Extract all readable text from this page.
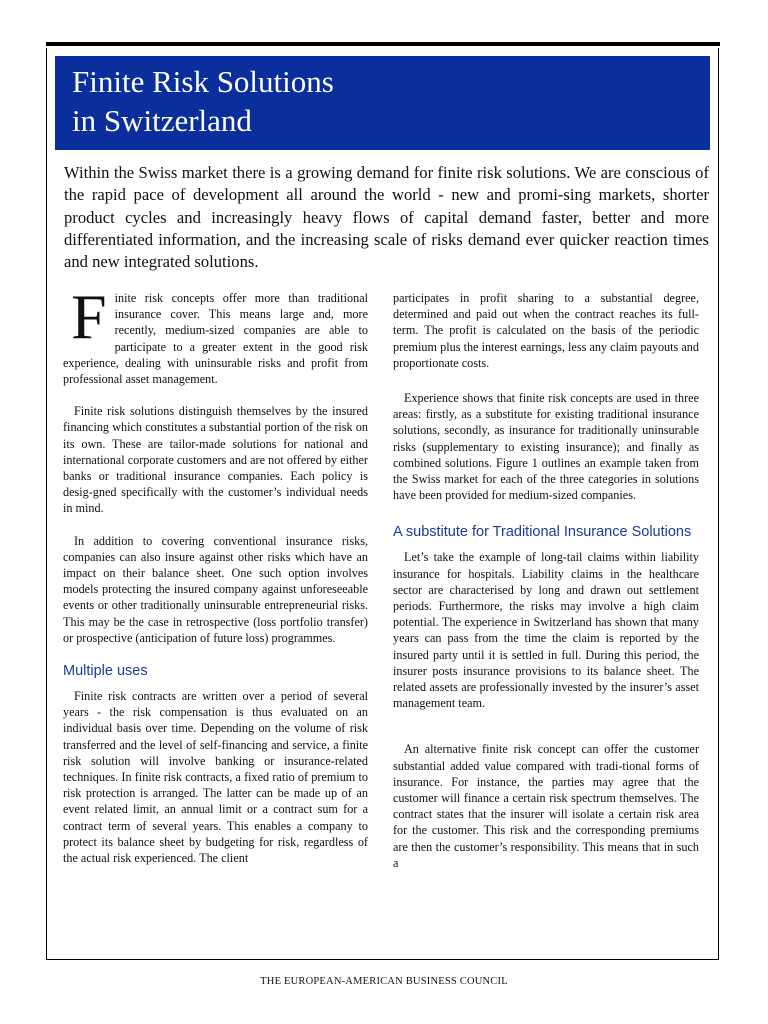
Finite Risk Solutions
in Switzerland

Within the Swiss market there is a growing demand for finite risk solutions. We are conscious of the rapid pace of development all around the world - new and promi-sing markets, shorter product cycles and increasingly heavy flows of capital demand faster, better and more differentiated information, and the increasing scale of risks demand ever quicker reaction times and new integrated solutions.

Finite risk concepts offer more than traditional insurance cover. This means large and, more recently, medium-sized companies are able to participate to a greater extent in the good risk experience, dealing with uninsurable risks and profit from professional asset management.

Finite risk solutions distinguish themselves by the insured financing which constitutes a substantial portion of the risk on its own. These are tailor-made solutions for national and international corporate customers and are not offered by either banks or traditional insurance companies. Each policy is desig-gned specifically with the customer’s individual needs in mind.

In addition to covering conventional insurance risks, companies can also insure against other risks which have an impact on their balance sheet. One such option involves models protecting the insured company against unforeseeable events or other traditionally uninsurable entrepreneurial risks. This may be the case in retrospective (loss portfolio transfer) or prospective (anticipation of future loss) programmes.

Multiple uses

Finite risk contracts are written over a period of several years - the risk compensation is thus evaluated on an individual basis over time. Depending on the volume of risk transferred and the level of self-financing and service, a finite risk solution will involve banking or insurance-related techniques. In finite risk contracts, a fixed ratio of premium to risk protection is arranged. The latter can be made up of an event related limit, an annual limit or a contract sum for a contract term of several years. This enables a company to protect its balance sheet by budgeting for risk, regardless of the actual risk experienced. The client

participates in profit sharing to a substantial degree, determined and paid out when the contract reaches its full-term. The profit is calculated on the basis of the periodic premium plus the interest earnings, less any claim payouts and proportionate costs.

Experience shows that finite risk concepts are used in three areas: firstly, as a substitute for existing traditional insurance solutions, secondly, as insurance for traditionally uninsurable risks (supplementary to existing insurance); and finally as combined solutions. Figure 1 outlines an example taken from the Swiss market for each of the three categories in solutions have been provided for medium-sized companies.

A substitute for Traditional Insurance Solutions

Let’s take the example of long-tail claims within liability insurance for hospitals. Liability claims in the healthcare sector are characterised by long and drawn out settlement periods. Furthermore, the risks may involve a high claim potential. The experience in Switzerland has shown that many years can pass from the time the claim is reported by the insured party until it is settled in full. During this period, the insurer posts insurance provisions to its balance sheet. The related assets are professionally invested by the insurer’s asset management team.

An alternative finite risk concept can offer the customer substantial added value compared with tradi-tional forms of insurance. For instance, the parties may agree that the customer will finance a certain risk spectrum themselves. The contract states that the insurer will isolate a certain risk area for the customer. This risk and the corresponding premiums are then the customer’s responsibility. This means that in such a

THE EUROPEAN-AMERICAN BUSINESS COUNCIL
